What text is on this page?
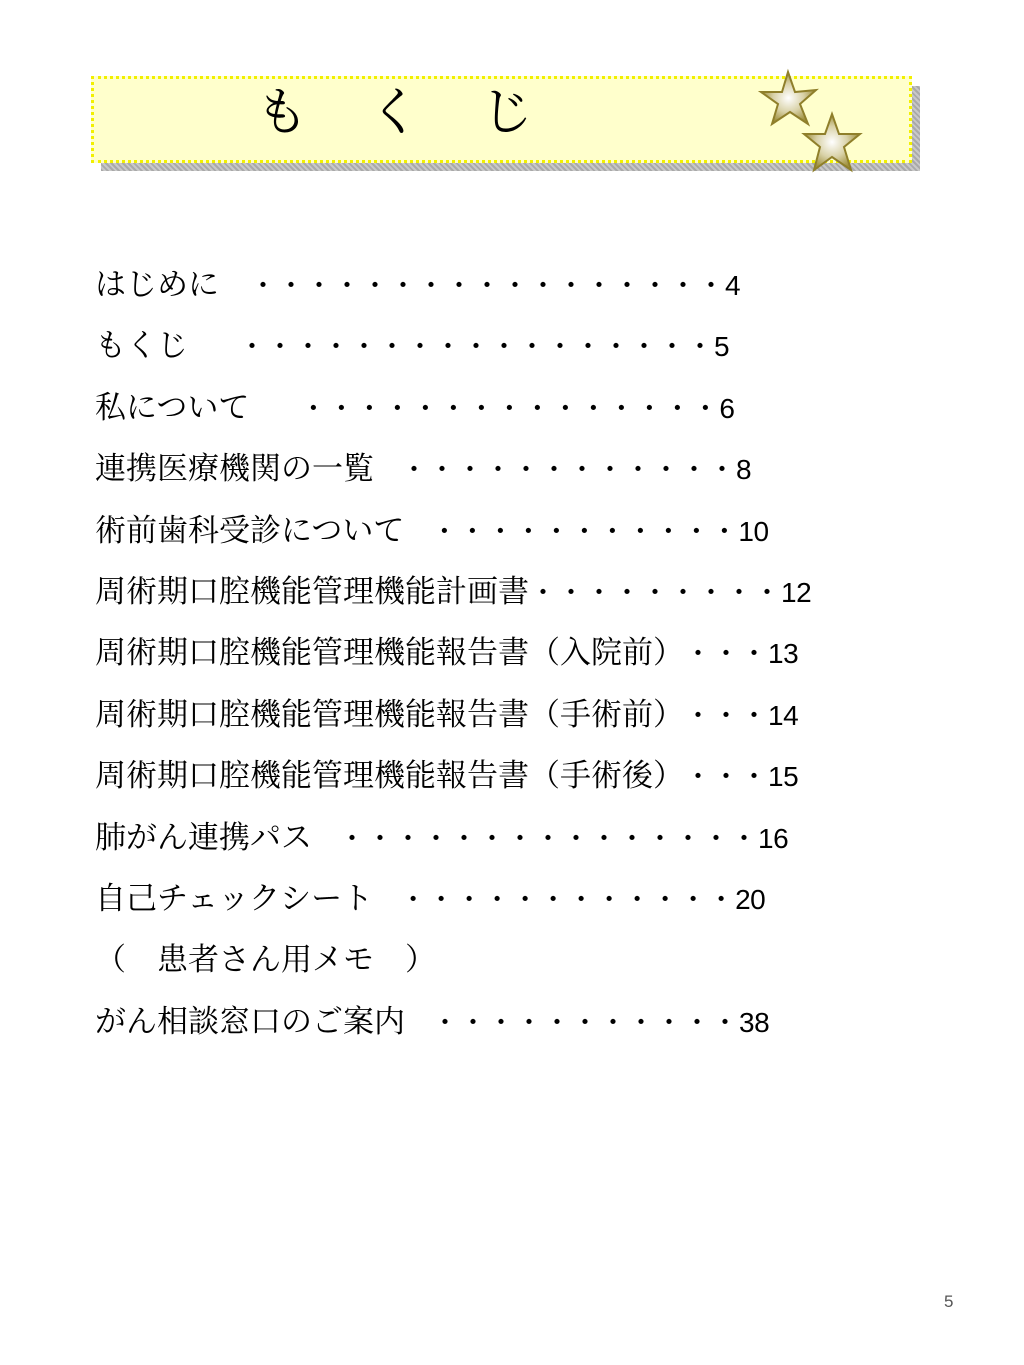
も く じ
はじめに ・・・・・・・・・・・・・・・・・4
もくじ ・・・・・・・・・・・・・・・・・5
私について ・・・・・・・・・・・・・・・6
連携医療機関の一覧 ・・・・・・・・・・・・8
術前歯科受診について ・・・・・・・・・・・10
周術期口腔機能管理機能計画書・・・・・・・・・12
周術期口腔機能管理機能報告書（入院前）・・・13
周術期口腔機能管理機能報告書（手術前）・・・14
周術期口腔機能管理機能報告書（手術後）・・・15
肺がん連携パス ・・・・・・・・・・・・・・・16
自己チェックシート ・・・・・・・・・・・・20
（　患者さん用メモ　）
がん相談窓口のご案内 ・・・・・・・・・・・38
5
